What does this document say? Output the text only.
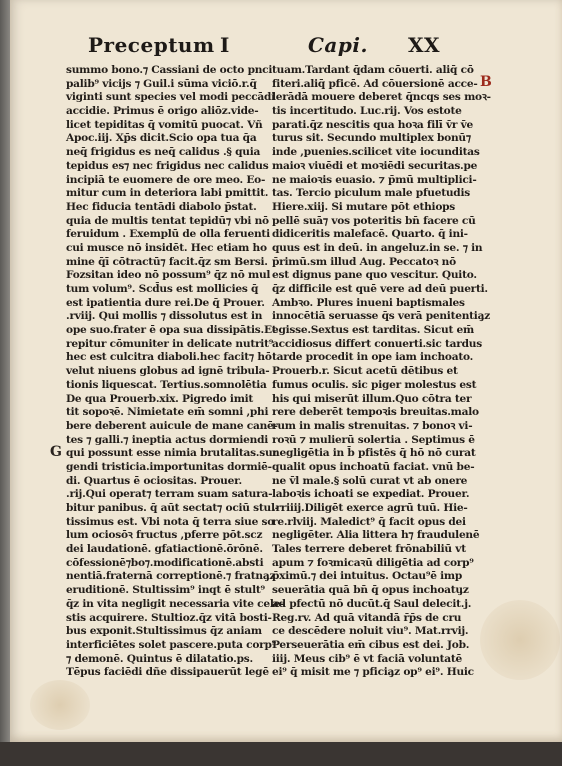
Preceptum I	Capi. XX
B
G
summo bono.⁊ Cassiani de octo pnci
palib⁹ vicijs ⁊ Guil.i sūma viciō.r.q̄
viginti sunt species vel modi peccādi
accidie. Primus ē origo aliōz.vide-
licet tepiditas q̄ vomitū puocat. Vñ
Apoc.iij. Xp̄s dicit.Scio opa tua q̄a
neq̄ frigidus es neq̄ calidus .§ quia
tepidus es⁊ nec frigidus nec calidus
incipiā te euomere de ore meo. Eo-
mitur cum in deteriora labi pmittit.
Hec fiducia tentādi diabolo p̄stat.
quia de multis tentat tepidū⁊ vbi nō
feruidum . Exemplū de olla feruenti
cui musce nō insidēt. Hec etiam ho
mine q̄ī cōtractū⁊ facit.q̄z sm Bersi.
Fozsitan ideo nō possum⁹ q̄z nō mul
tum volum⁹. Scd̄us est mollicies q̄
est ipatientia dure rei.De q̄ Prouer.
.rviij. Qui mollis ⁊ dissolutus est in
ope suo.frater ē opa sua dissipātis.Et
repitur cōmuniter in delicate nutrit⁹
hec est culcitra diaboli.hec facit⁊ hō
velut niuens globus ad ignē tribula-
tionis liquescat. Tertius.somnolētia
De qua Prouerb.xix. Pigredo imit
tit sopoꝛē. Nimietate em̄ somni ,phi
bere deberent auicule de mane canē-
tes ⁊ galli.⁊ ineptia actus dormiendi
qui possunt esse nimia brutalitas.sur
gendi tristicia.importunitas dormiē-
di. Quartus ē ociositas. Prouer.
.rij.Qui operat⁊ terram suam satura-
bitur panibus. q̄ aūt sectat⁊ ociū stul-
tissimus est. Vbi nota q̄ terra siue so
lum ociosōꝛ fructus ,pferre pōt.scz
dei laudationē. gfatiactionē.ōrōnē.
cōfessionē⁊bo⁊.modificationē.absti
nentiā.fraternā correptionē.⁊ fratna̡z
eruditionē. Stultissim⁹ inqt ē stult⁹
q̄z in vita negligit necessaria vite cele-
stis acquirere. Stultioz.q̄z vitā bosti-
bus exponit.Stultissimus q̄z aniam
interficiētes solet pascere.puta corp⁹
⁊ demonē. Quintus ē dilatatio.ps.
Tēpus faciēdi dñe dissipauerūt legē
tuam.Tardant q̄dam cōuerti. aliq̄ cō
fiteri.aliq̄ pficē. Ad cōuersionē acce-
lerādā mouere deberet q̄ncqs ses moꝛ-
tis incertitudo. Luc.rij. Vos estote
parati.q̄z nescitis qua hoꝛa filī v̄r v̄e
turus sit. Secundo multiplex bonū⁊
inde ,puenies.scilicet vite iocunditas
maioꝛ viuēdi et moꝛiēdi securitas.pe
ne maioꝛis euasio. ⁊ p̄mū multiplici-
tas. Tercio piculum male pfuetudis
Hiere.xiij. Si mutare pōt ethiops
pellē suā⁊ vos poteritis bn̄ facere cū
didiceritis malefacē. Quarto. q̄ ini-
quus est in deū. in angeluz.in se. ⁊ in
p̄rimū.sm illud Aug. Peccatoꝛ nō
est dignus pane quo vescitur. Quito.
q̄z difficile est quē vere ad deū puerti.
Ambꝛo. Plures inueni baptismales
innocētiā seruasse q̄s verā penitentia̡z
egisse.Sextus est tarditas. Sicut em̄
accidiosus differt conuerti.sic tardus
tarde procedit in ope iam inchoato.
Prouerb.r. Sicut acetū dētibus et
fumus oculis. sic piger molestus est
his qui miserūt illum.Quo cōtra ter
rere deberēt tempoꝛis breuitas.malo
rum in malis strenuitas. ⁊ bonoꝛ vi-
roꝛū ⁊ mulierū solertia . Septimus ē
negligētia in b̄ pfistēs q̄ hō nō curat
qualit opus inchoatū faciat. vnū be-
ne v̄l male.§ solū curat vt ab onere
laboꝛis ichoati se expediat. Prouer.
.rriiij.Diligēt exerce agrū tuū. Hie-
re.rlviij. Maledict⁹ q̄ facit opus dei
negligēter. Alia littera h⁊ fraudulenē
Tales terrere deberet frōnabiliū vt
apum ⁊ foꝛmicaꝛū diligētia ad corp⁹
p̄ximū.⁊ dei intuitus. Octau⁹ē imp
seuerātia quā bn̄ q̄ opus inchoatu̡z
ad pfectū nō ducūt.q̄ Saul delecit.j.
Reg.rv. Ad quā vitandā r̄p̄s de cru
ce descēdere noluit viu⁹. Mat.rrvij.
Perseuerātia em̄ cibus est dei. Job.
iiij. Meus cib⁹ ē vt faciā voluntatē
ei⁹ q̄ misit me ⁊ pficia̡z op⁹ ei⁹. Huic
